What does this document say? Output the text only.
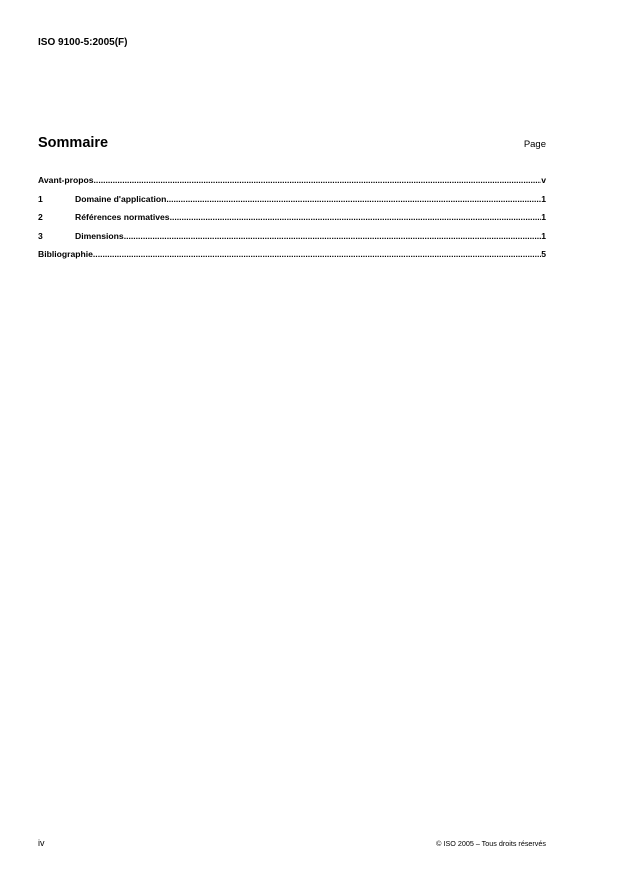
ISO 9100-5:2005(F)
Sommaire	Page
Avant-propos .....	v
1	Domaine d'application .....	1
2	Références normatives .....	1
3	Dimensions .....	1
Bibliographie .....	5
iv	© ISO 2005 – Tous droits réservés
